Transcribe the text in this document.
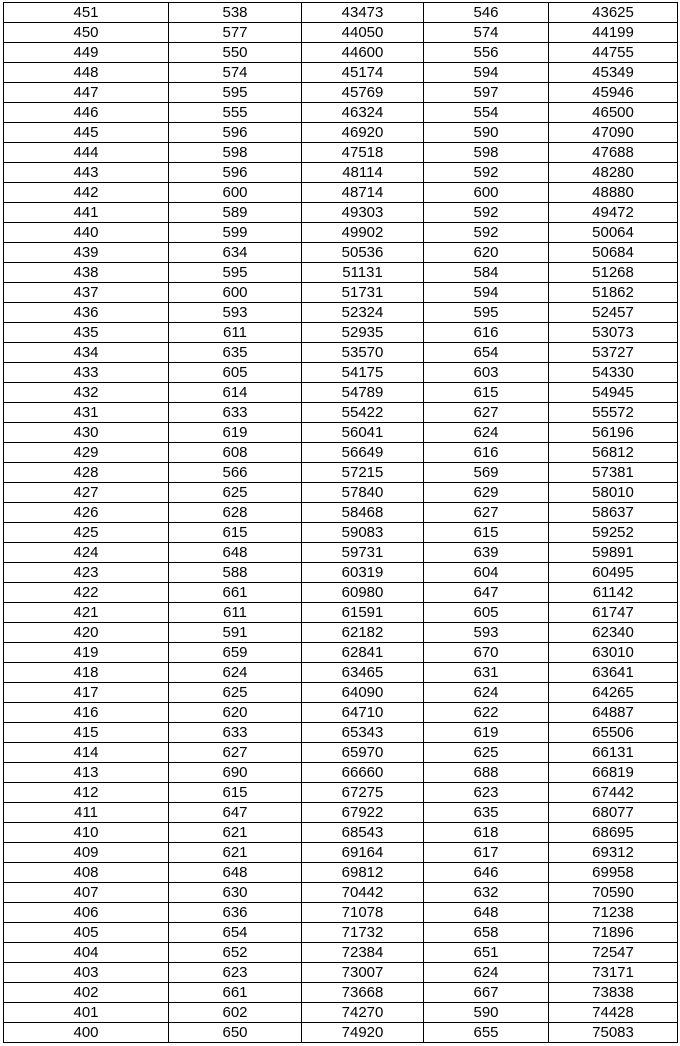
451	538	43473	546	43625
450	577	44050	574	44199
449	550	44600	556	44755
448	574	45174	594	45349
447	595	45769	597	45946
446	555	46324	554	46500
445	596	46920	590	47090
444	598	47518	598	47688
443	596	48114	592	48280
442	600	48714	600	48880
441	589	49303	592	49472
440	599	49902	592	50064
439	634	50536	620	50684
438	595	51131	584	51268
437	600	51731	594	51862
436	593	52324	595	52457
435	611	52935	616	53073
434	635	53570	654	53727
433	605	54175	603	54330
432	614	54789	615	54945
431	633	55422	627	55572
430	619	56041	624	56196
429	608	56649	616	56812
428	566	57215	569	57381
427	625	57840	629	58010
426	628	58468	627	58637
425	615	59083	615	59252
424	648	59731	639	59891
423	588	60319	604	60495
422	661	60980	647	61142
421	611	61591	605	61747
420	591	62182	593	62340
419	659	62841	670	63010
418	624	63465	631	63641
417	625	64090	624	64265
416	620	64710	622	64887
415	633	65343	619	65506
414	627	65970	625	66131
413	690	66660	688	66819
412	615	67275	623	67442
411	647	67922	635	68077
410	621	68543	618	68695
409	621	69164	617	69312
408	648	69812	646	69958
407	630	70442	632	70590
406	636	71078	648	71238
405	654	71732	658	71896
404	652	72384	651	72547
403	623	73007	624	73171
402	661	73668	667	73838
401	602	74270	590	74428
400	650	74920	655	75083
